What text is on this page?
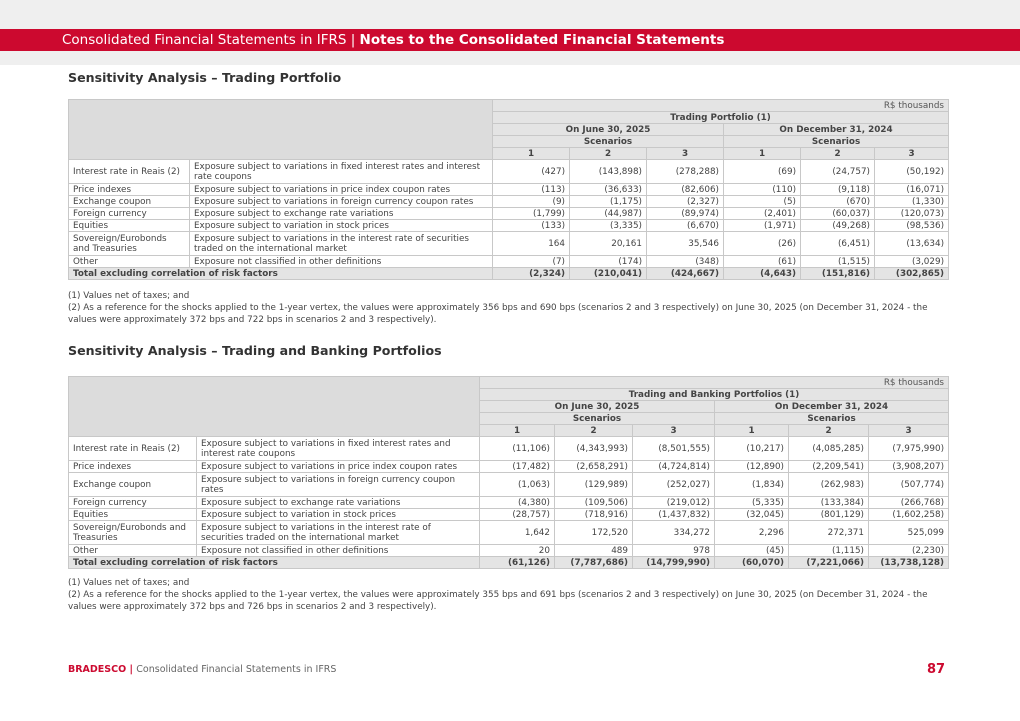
Consolidated Financial Statements in IFRS | Notes to the Consolidated Financial Statements
Sensitivity Analysis – Trading Portfolio
		R$ thousands					
		Trading Portfolio (1)					
		On June 30, 2025			On December 31, 2024		
		Scenarios			Scenarios		
		1	2	3	1	2	3
Interest rate in Reais (2)	Exposure subject to variations in fixed interest rates and interest rate coupons	(427)	(143,898)	(278,288)	(69)	(24,757)	(50,192)
Price indexes	Exposure subject to variations in price index coupon rates	(113)	(36,633)	(82,606)	(110)	(9,118)	(16,071)
Exchange coupon	Exposure subject to variations in foreign currency coupon rates	(9)	(1,175)	(2,327)	(5)	(670)	(1,330)
Foreign currency	Exposure subject to exchange rate variations	(1,799)	(44,987)	(89,974)	(2,401)	(60,037)	(120,073)
Equities	Exposure subject to variation in stock prices	(133)	(3,335)	(6,670)	(1,971)	(49,268)	(98,536)
Sovereign/Eurobonds and Treasuries	Exposure subject to variations in the interest rate of securities traded on the international market	164	20,161	35,546	(26)	(6,451)	(13,634)
Other	Exposure not classified in other definitions	(7)	(174)	(348)	(61)	(1,515)	(3,029)
Total excluding correlation of risk factors		(2,324)	(210,041)	(424,667)	(4,643)	(151,816)	(302,865)

(1) Values net of taxes; and

(2) As a reference for the shocks applied to the 1-year vertex, the values were approximately 356 bps and 690 bps (scenarios 2 and 3 respectively) on June 30, 2025 (on December 31, 2024 - the values were approximately 372 bps and 722 bps in scenarios 2 and 3 respectively).

Sensitivity Analysis – Trading and Banking Portfolios
		R$ thousands					
		Trading and Banking Portfolios (1)					
		On June 30, 2025			On December 31, 2024		
		Scenarios			Scenarios		
		1	2	3	1	2	3
Interest rate in Reais (2)	Exposure subject to variations in fixed interest rates and interest rate coupons	(11,106)	(4,343,993)	(8,501,555)	(10,217)	(4,085,285)	(7,975,990)
Price indexes	Exposure subject to variations in price index coupon rates	(17,482)	(2,658,291)	(4,724,814)	(12,890)	(2,209,541)	(3,908,207)
Exchange coupon	Exposure subject to variations in foreign currency coupon rates	(1,063)	(129,989)	(252,027)	(1,834)	(262,983)	(507,774)
Foreign currency	Exposure subject to exchange rate variations	(4,380)	(109,506)	(219,012)	(5,335)	(133,384)	(266,768)
Equities	Exposure subject to variation in stock prices	(28,757)	(718,916)	(1,437,832)	(32,045)	(801,129)	(1,602,258)
Sovereign/Eurobonds and Treasuries	Exposure subject to variations in the interest rate of securities traded on the international market	1,642	172,520	334,272	2,296	272,371	525,099
Other	Exposure not classified in other definitions	20	489	978	(45)	(1,115)	(2,230)
Total excluding correlation of risk factors		(61,126)	(7,787,686)	(14,799,990)	(60,070)	(7,221,066)	(13,738,128)

(1) Values net of taxes; and

(2) As a reference for the shocks applied to the 1-year vertex, the values were approximately 355 bps and 691 bps (scenarios 2 and 3 respectively) on June 30, 2025 (on December 31, 2024 - the values were approximately 372 bps and 726 bps in scenarios 2 and 3 respectively).

BRADESCO | Consolidated Financial Statements in IFRS	87
